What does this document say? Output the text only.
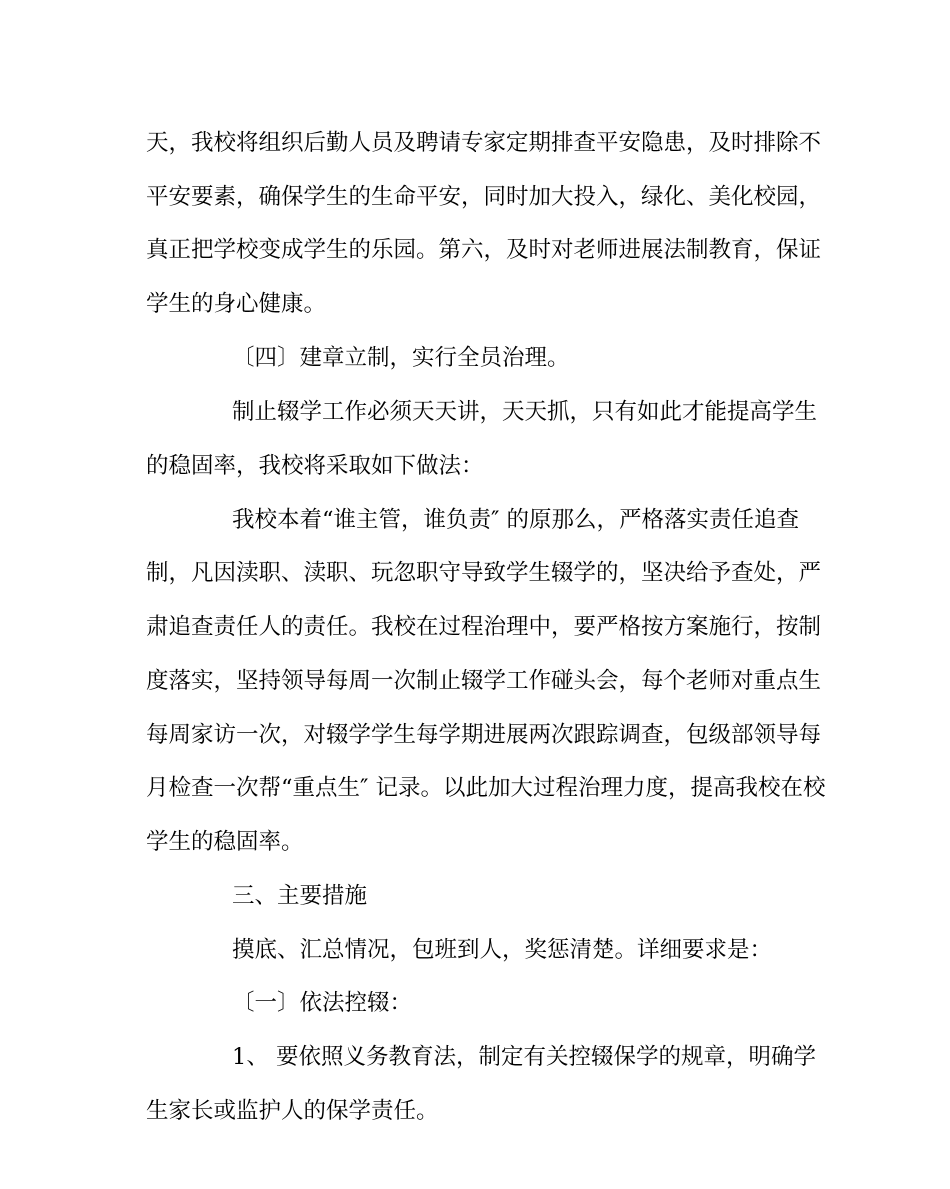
天，我校将组织后勤人员及聘请专家定期排查平安隐患，及时排除不
平安要素，确保学生的生命平安，同时加大投入，绿化、美化校园，
真正把学校变成学生的乐园。第六，及时对老师进展法制教育，保证
学生的身心健康。
〔四〕建章立制，实行全员治理。
制止辍学工作必须天天讲，天天抓，只有如此才能提高学生
的稳固率，我校将采取如下做法：
我校本着“谁主管，谁负责″ 的原那么，严格落实责任追查
制，凡因渎职、渎职、玩忽职守导致学生辍学的，坚决给予查处，严
肃追查责任人的责任。我校在过程治理中，要严格按方案施行，按制
度落实，坚持领导每周一次制止辍学工作碰头会，每个老师对重点生
每周家访一次，对辍学学生每学期进展两次跟踪调查，包级部领导每
月检查一次帮“重点生″ 记录。以此加大过程治理力度，提高我校在校
学生的稳固率。
三、主要措施
摸底、汇总情况，包班到人，奖惩清楚。详细要求是：
〔一〕依法控辍：
1、 要依照义务教育法，制定有关控辍保学的规章，明确学
生家长或监护人的保学责任。
